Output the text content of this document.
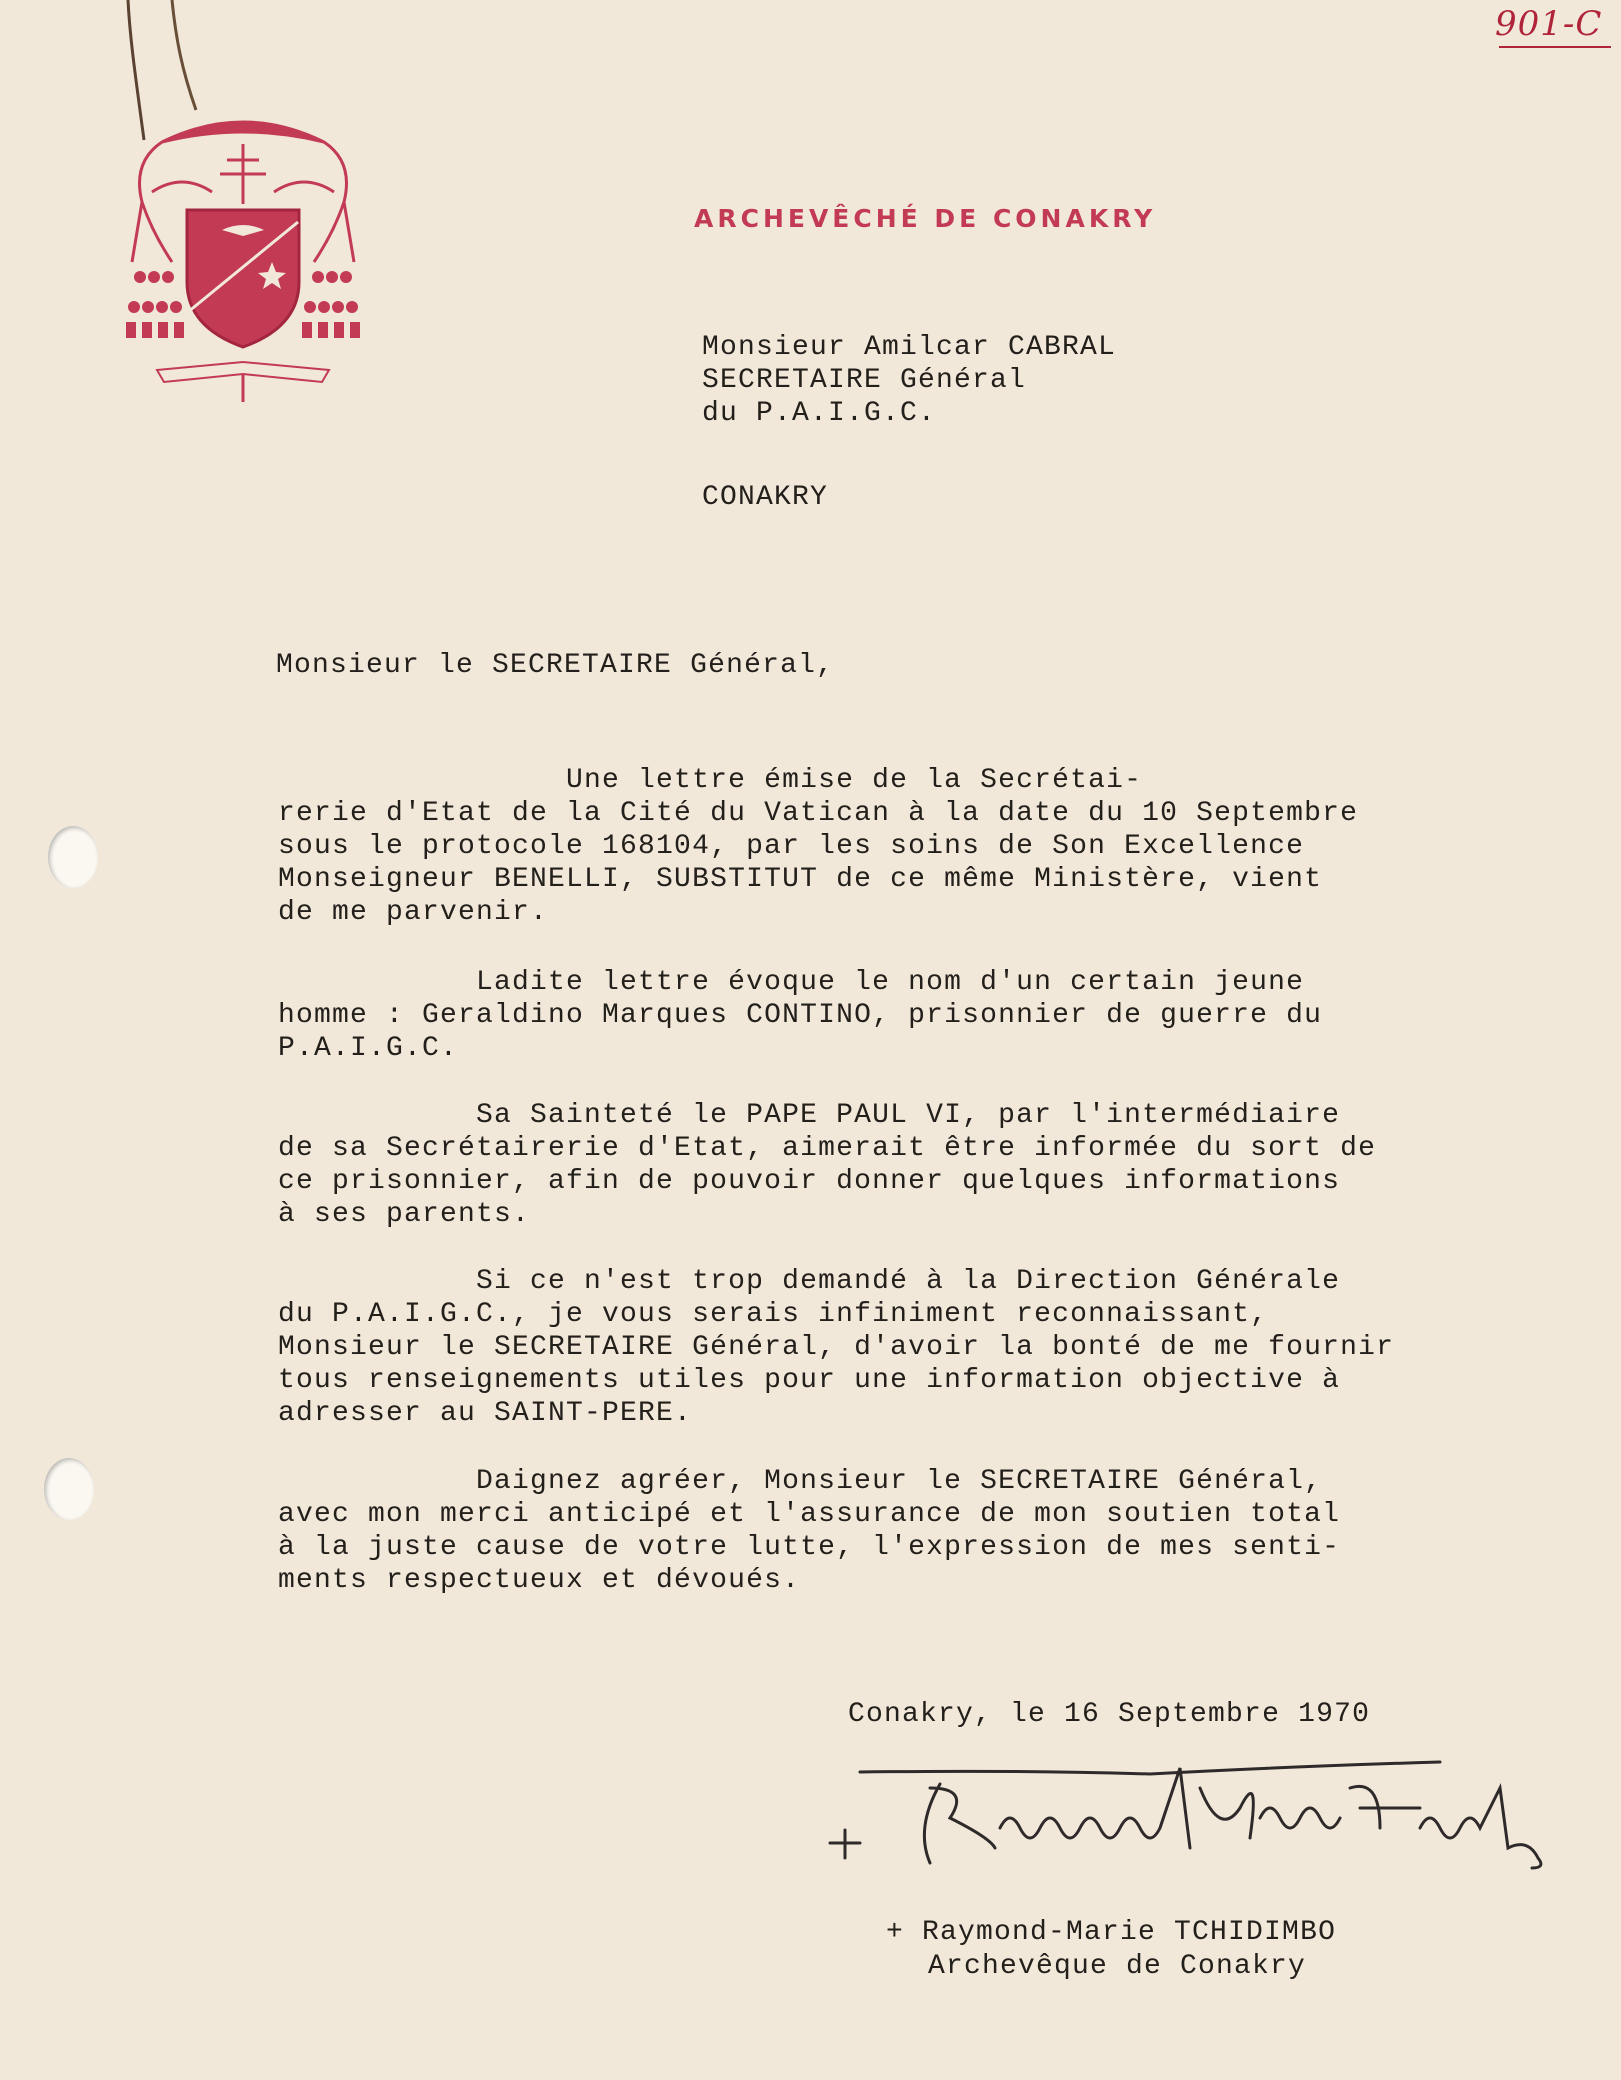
901-C
ARCHEVÊCHÉ DE CONAKRY
Monsieur Amilcar CABRAL
SECRETAIRE Général
du P.A.I.G.C.
CONAKRY
Monsieur le SECRETAIRE Général,
Une lettre émise de la Secrétai-
rerie d'Etat de la Cité du Vatican à la date du 10 Septembre
sous le protocole 168104, par les soins de Son Excellence
Monseigneur BENELLI, SUBSTITUT de ce même Ministère, vient
de me parvenir.
Ladite lettre évoque le nom d'un certain jeune
homme : Geraldino Marques CONTINO, prisonnier de guerre du
P.A.I.G.C.
Sa Sainteté le PAPE PAUL VI, par l'intermédiaire
de sa Secrétairerie d'Etat, aimerait être informée du sort de
ce prisonnier, afin de pouvoir donner quelques informations
à ses parents.
Si ce n'est trop demandé à la Direction Générale
du P.A.I.G.C., je vous serais infiniment reconnaissant,
Monsieur le SECRETAIRE Général, d'avoir la bonté de me fournir
tous renseignements utiles pour une information objective à
adresser au SAINT-PERE.
Daignez agréer, Monsieur le SECRETAIRE Général,
avec mon merci anticipé et l'assurance de mon soutien total
à la juste cause de votre lutte, l'expression de mes senti-
ments respectueux et dévoués.
Conakry, le 16 Septembre 1970
+ Raymond-Marie TCHIDIMBO
Archevêque de Conakry
